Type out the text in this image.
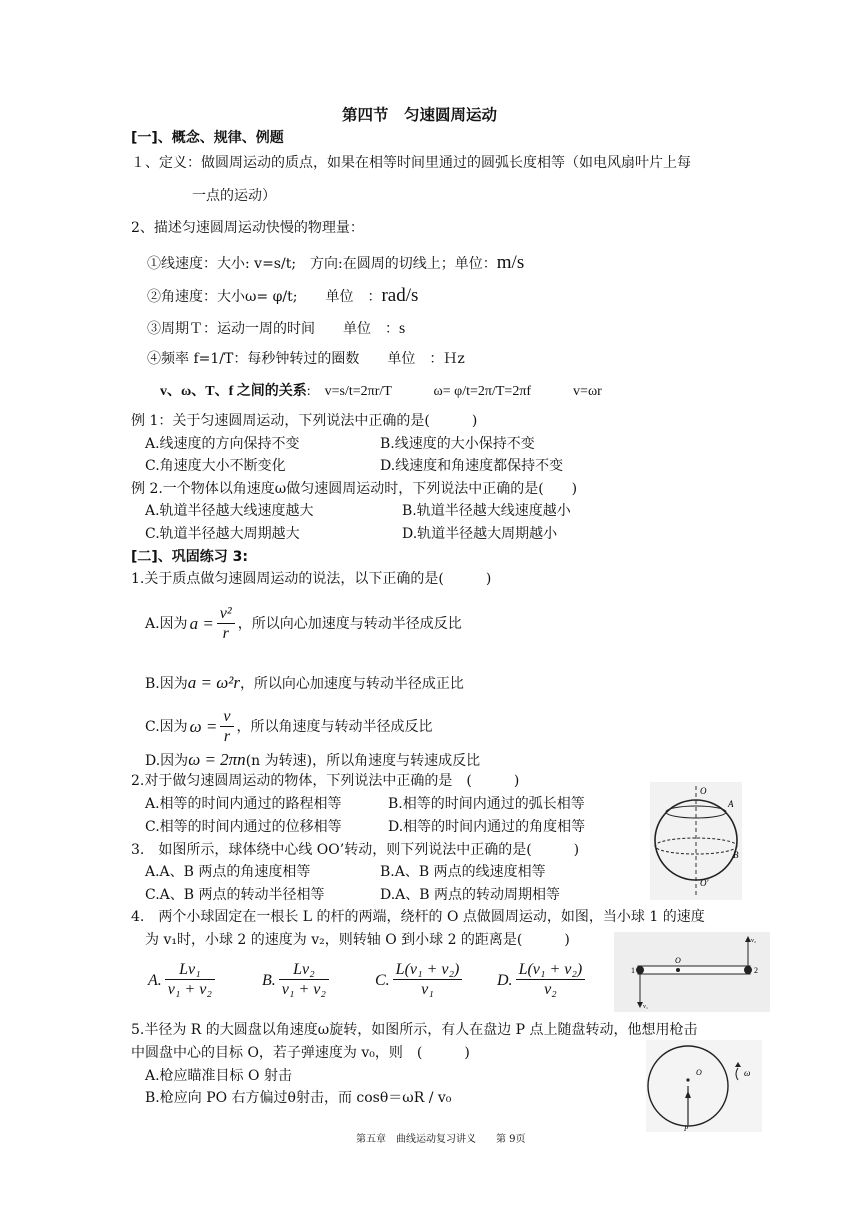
第四节　匀速圆周运动
[一]、概念、规律、例题
１、定义：做圆周运动的质点，如果在相等时间里通过的圆弧长度相等（如电风扇叶片上每
一点的运动）
2、描述匀速圆周运动快慢的物理量：
①线速度：大小: v=s/t;　方向:在圆周的切线上；单位：m/s
②角速度：大小ω= φ/t;　　单位　：rad/s
③周期Ｔ：运动一周的时间　　单位　：s
④频率 f=1/T：每秒钟转过的圈数　　单位　：Ｈz
v、ω、T、f 之间的关系:　v=s/t=2πr/T　　　ω= φ/t=2π/T=2πf　　　v=ωr
例 1：关于匀速圆周运动，下列说法中正确的是(　　　)
A.线速度的方向保持不变	B.线速度的大小保持不变
C.角速度大小不断变化	D.线速度和角速度都保持不变
例 2.一个物体以角速度ω做匀速圆周运动时，下列说法中正确的是(　　)
A.轨道半径越大线速度越大	B.轨道半径越大线速度越小
C.轨道半径越大周期越大	D.轨道半径越大周期越小
[二]、巩固练习 3:
1.关于质点做匀速圆周运动的说法，以下正确的是(　　　)
A.因为 $a = \frac{\text{v²}}{r}$ ，所以向心加速度与转动半径成反比
B.因为a = ω²r，所以向心加速度与转动半径成正比
C.因为 $\omega = \frac{v}{r}$ ，所以角速度与转动半径成反比
D.因为ω = 2πn(n 为转速)，所以角速度与转速成反比
2.对于做匀速圆周运动的物体，下列说法中正确的是　(　　　)
A.相等的时间内通过的路程相等	B.相等的时间内通过的弧长相等
C.相等的时间内通过的位移相等	D.相等的时间内通过的角度相等
3.　如图所示，球体绕中心线 OO’转动，则下列说法中正确的是(　　　)
A.A、B 两点的角速度相等	B.A、B 两点的线速度相等
C.A、B 两点的转动半径相等	D.A、B 两点的转动周期相等
O
A
B
O'
4.　两个小球固定在一根长 L 的杆的两端，绕杆的 O 点做圆周运动，如图，当小球 1 的速度
为 v₁时，小球 2 的速度为 v₂，则转轴 O 到小球 2 的距离是(　　　)
A. $\frac{\text{Lv₁}}{\text{v₁ + v₂}}$	B. $\frac{\text{Lv₂}}{\text{v₁ + v₂}}$	C. $\frac{\text{L(v₁ + v₂)}}{\text{v₁}} D$. $\frac{\text{L(v₁ + v₂)}}{\text{v₂}}$	1
O
2
v₁
v₂
5.半径为 R 的大圆盘以角速度ω旋转，如图所示，有人在盘边 P 点上随盘转动，他想用枪击
中圆盘中心的目标 O，若子弹速度为 v₀，则　(　　　)
A.枪应瞄准目标 O 射击
B.枪应向 PO 右方偏过θ射击，而 cosθ＝ωR / v₀
O
P
ω
第五章　曲线运动复习讲义　　第 9页
